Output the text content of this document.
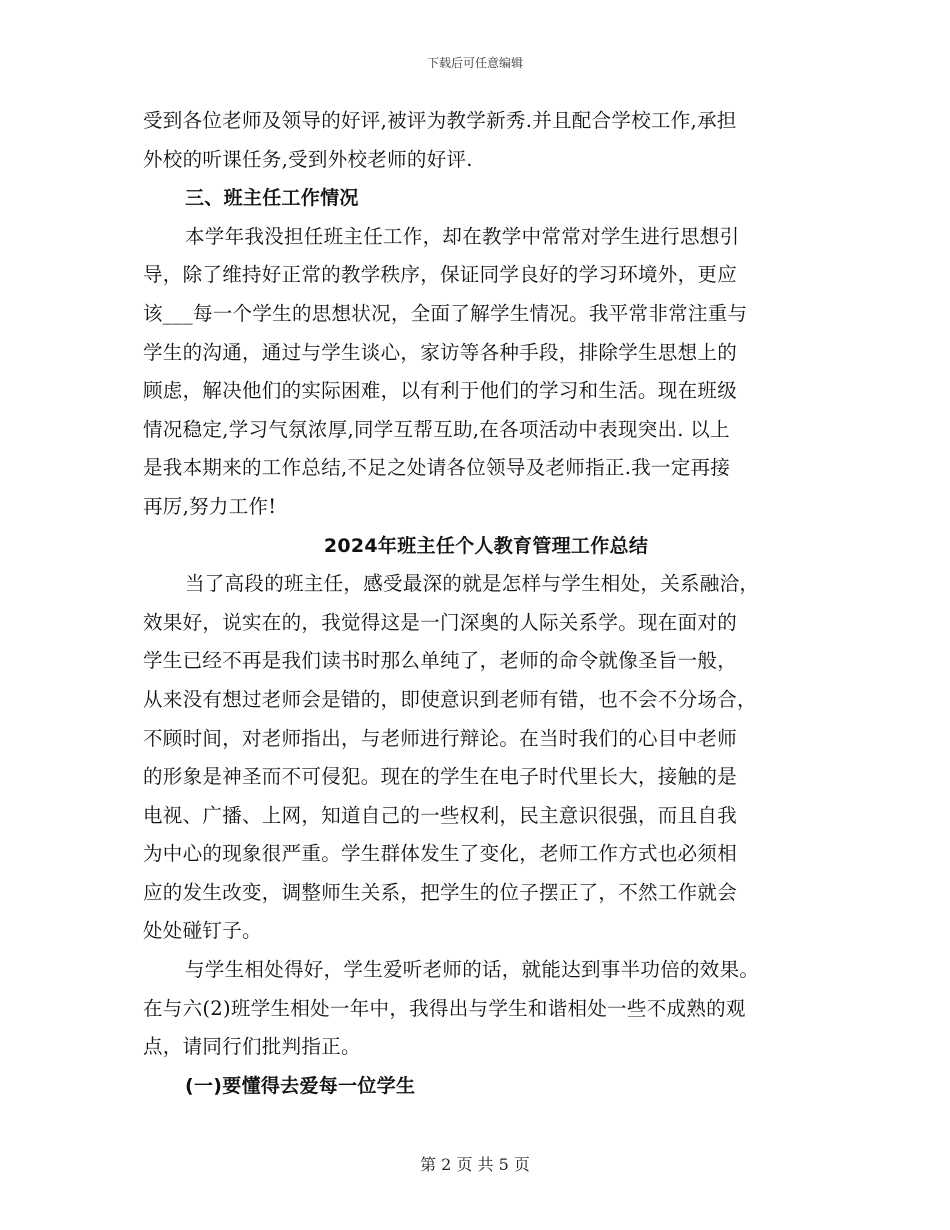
下载后可任意编辑
受到各位老师及领导的好评,被评为教学新秀.并且配合学校工作,承担
外校的听课任务,受到外校老师的好评.
三、班主任工作情况
本学年我没担任班主任工作，却在教学中常常对学生进行思想引
导，除了维持好正常的教学秩序，保证同学良好的学习环境外，更应
该___每一个学生的思想状况，全面了解学生情况。我平常非常注重与
学生的沟通，通过与学生谈心，家访等各种手段，排除学生思想上的
顾虑，解决他们的实际困难，以有利于他们的学习和生活。现在班级
情况稳定,学习气氛浓厚,同学互帮互助,在各项活动中表现突出. 以上
是我本期来的工作总结,不足之处请各位领导及老师指正.我一定再接
再厉,努力工作!
2024年班主任个人教育管理工作总结
当了高段的班主任，感受最深的就是怎样与学生相处，关系融洽，
效果好，说实在的，我觉得这是一门深奥的人际关系学。现在面对的
学生已经不再是我们读书时那么单纯了，老师的命令就像圣旨一般，
从来没有想过老师会是错的，即使意识到老师有错，也不会不分场合，
不顾时间，对老师指出，与老师进行辩论。在当时我们的心目中老师
的形象是神圣而不可侵犯。现在的学生在电子时代里长大，接触的是
电视、广播、上网，知道自己的一些权利，民主意识很强，而且自我
为中心的现象很严重。学生群体发生了变化，老师工作方式也必须相
应的发生改变，调整师生关系，把学生的位子摆正了，不然工作就会
处处碰钉子。
与学生相处得好，学生爱听老师的话，就能达到事半功倍的效果。
在与六(2)班学生相处一年中，我得出与学生和谐相处一些不成熟的观
点，请同行们批判指正。
(一)要懂得去爱每一位学生
第 2 页 共 5 页
